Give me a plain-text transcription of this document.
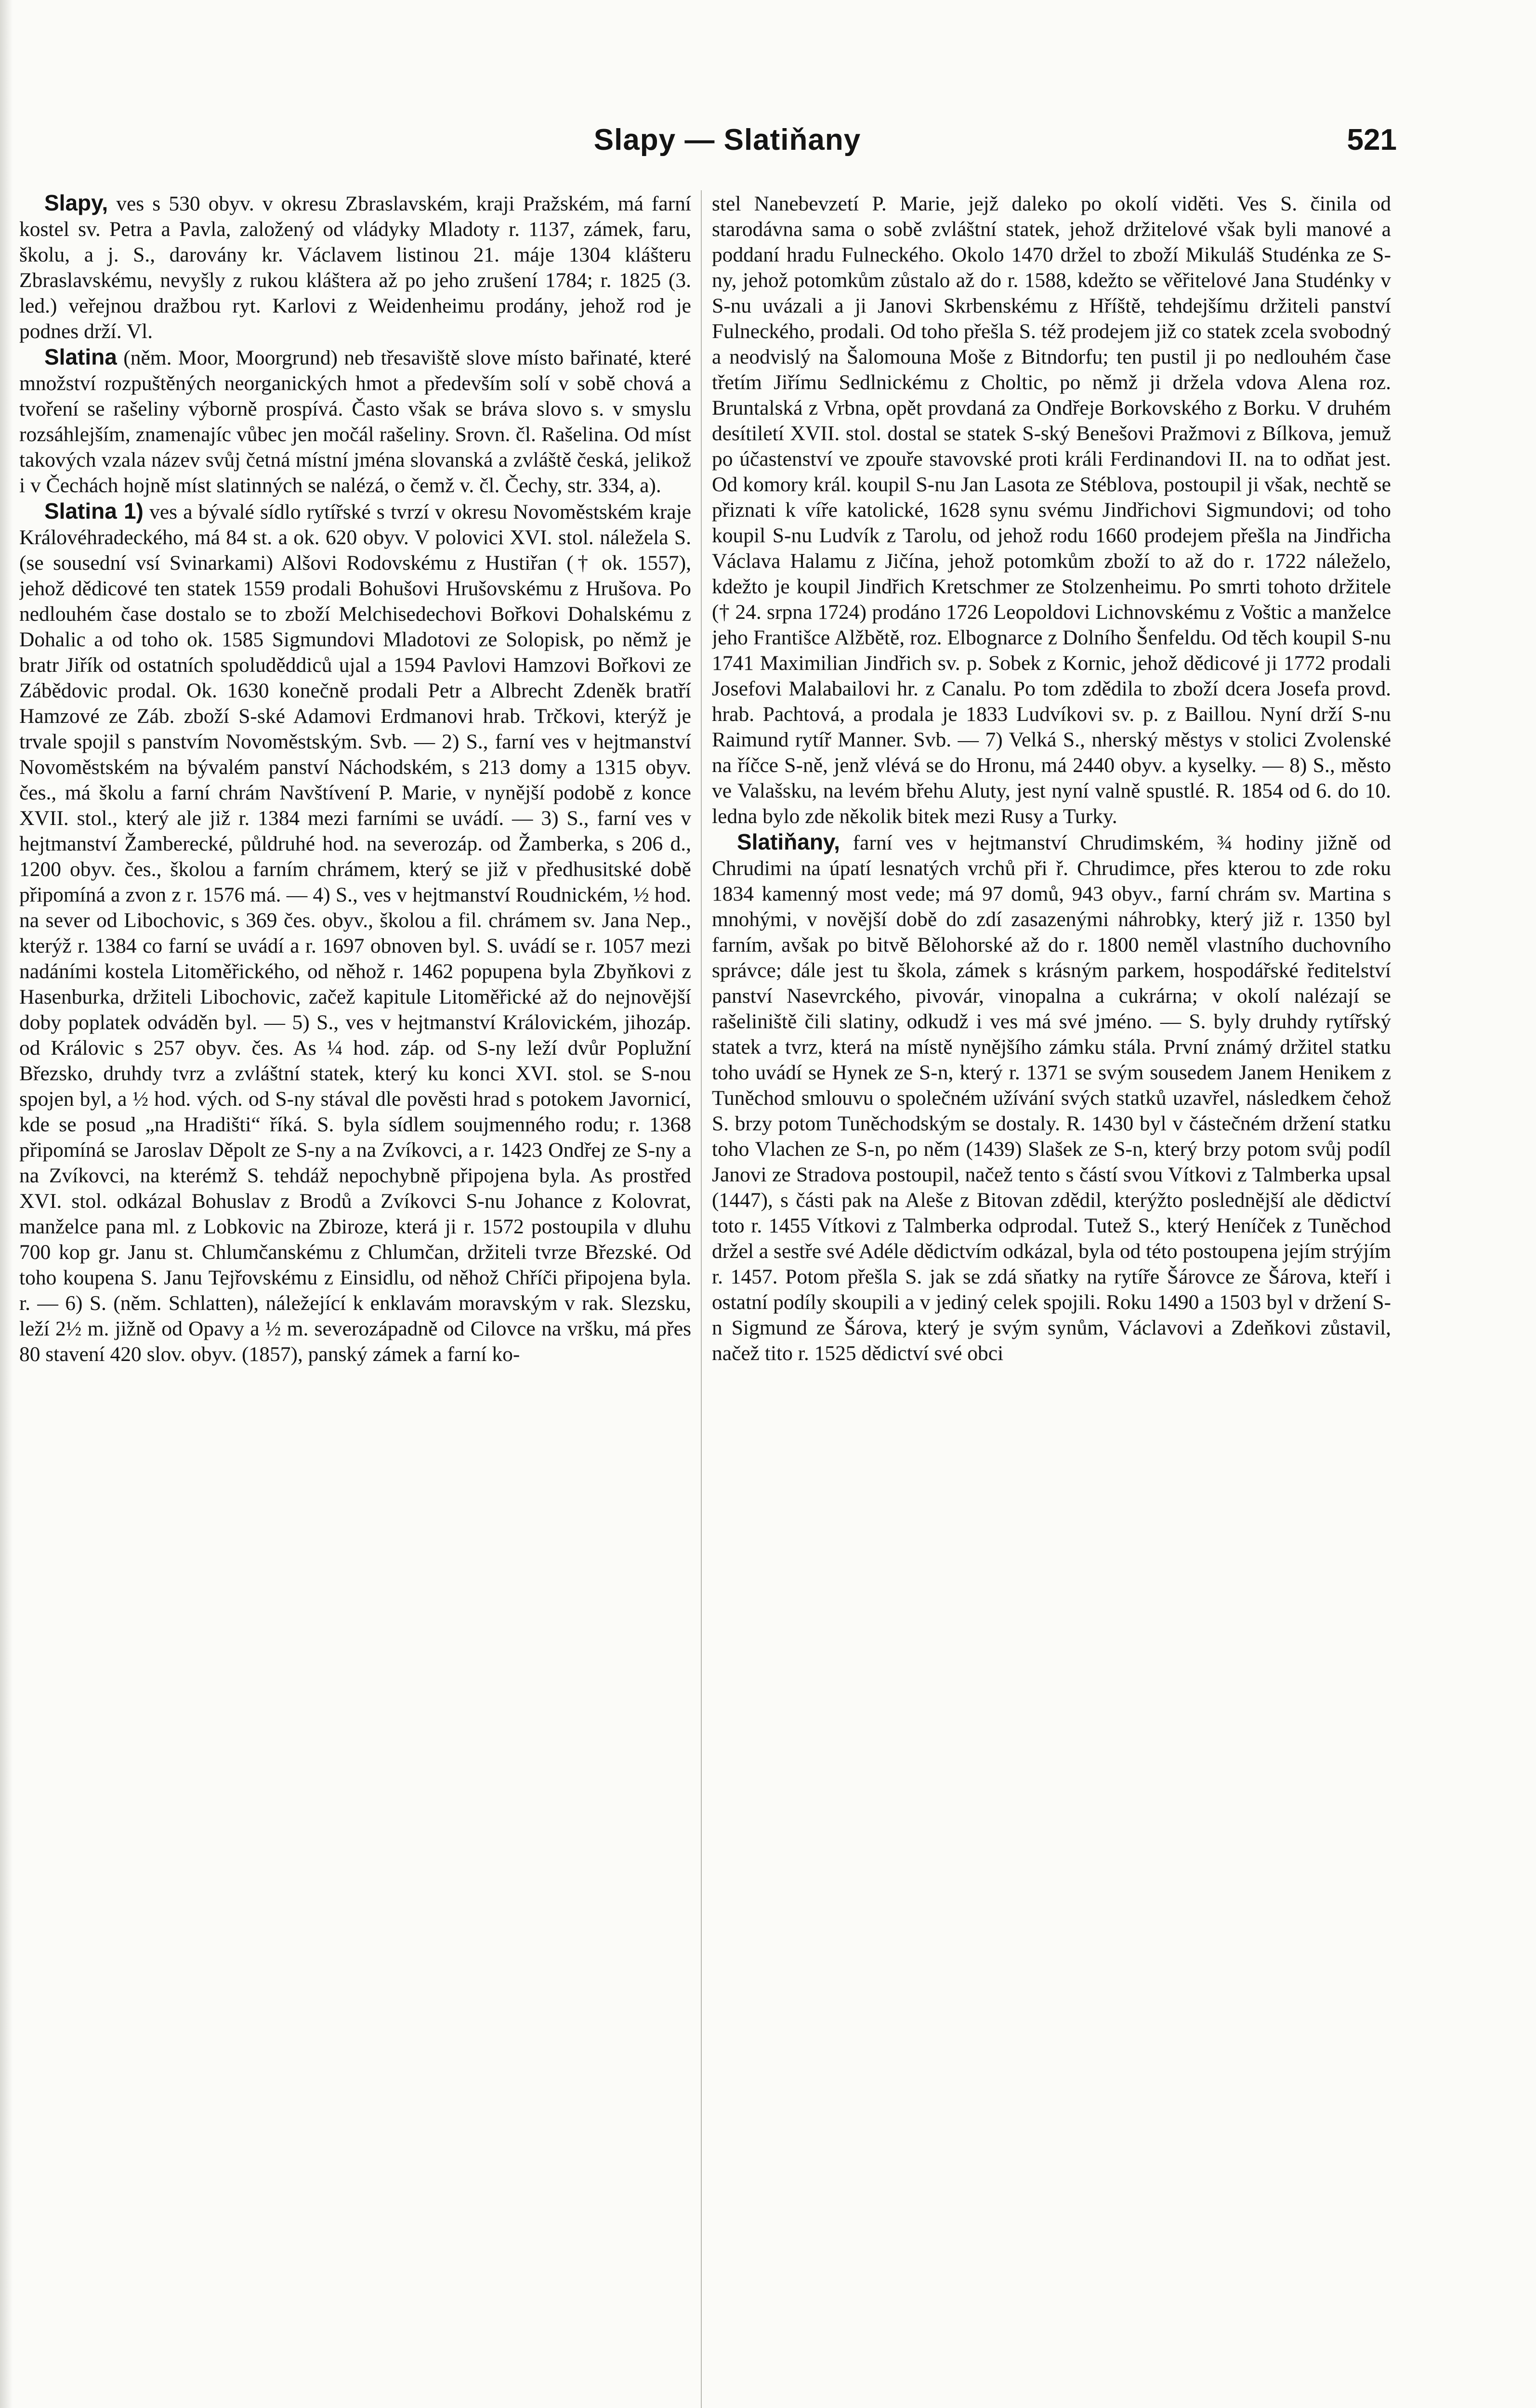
Slapy — Slatiňany	521

Slapy, ves s 530 obyv. v okresu Zbraslavském, kraji Pražském, má farní kostel sv. Petra a Pavla, založený od vládyky Mladoty r. 1137, zámek, faru, školu, a j. S., darovány kr. Václavem listinou 21. máje 1304 klášteru Zbraslavskému, nevyšly z rukou kláštera až po jeho zrušení 1784; r. 1825 (3. led.) veřejnou dražbou ryt. Karlovi z Weidenheimu prodány, jehož rod je podnes drží. Vl.

Slatina (něm. Moor, Moorgrund) neb třesaviště slove místo bařinaté, které množství rozpuštěných neorganických hmot a především solí v sobě chová a tvoření se rašeliny výborně prospívá. Často však se bráva slovo s. v smyslu rozsáhlejším, znamenajíc vůbec jen močál rašeliny. Srovn. čl. Rašelina. Od míst takových vzala název svůj četná místní jména slovanská a zvláště česká, jelikož i v Čechách hojně míst slatinných se nalézá, o čemž v. čl. Čechy, str. 334, a).

Slatina 1) ves a bývalé sídlo rytířské s tvrzí v okresu Novoměstském kraje Královéhradeckého, má 84 st. a ok. 620 obyv. V polovici XVI. stol. náležela S. (se sousední vsí Svinarkami) Alšovi Rodovskému z Hustiřan († ok. 1557), jehož dědicové ten statek 1559 prodali Bohušovi Hrušovskému z Hrušova. Po nedlouhém čase dostalo se to zboží Melchisedechovi Bořkovi Dohalskému z Dohalic a od toho ok. 1585 Sigmundovi Mladotovi ze Solopisk, po němž je bratr Jiřík od ostatních spoluděddiců ujal a 1594 Pavlovi Hamzovi Bořkovi ze Zábědovic prodal. Ok. 1630 konečně prodali Petr a Albrecht Zdeněk bratří Hamzové ze Záb. zboží S-ské Adamovi Erdmanovi hrab. Trčkovi, kterýž je trvale spojil s panstvím Novoměstským. Svb. — 2) S., farní ves v hejtmanství Novoměstském na bývalém panství Náchodském, s 213 domy a 1315 obyv. čes., má školu a farní chrám Navštívení P. Marie, v nynější podobě z konce XVII. stol., který ale již r. 1384 mezi farními se uvádí. — 3) S., farní ves v hejtmanství Žamberecké, půldruhé hod. na severozáp. od Žamberka, s 206 d., 1200 obyv. čes., školou a farním chrámem, který se již v předhusitské době připomíná a zvon z r. 1576 má. — 4) S., ves v hejtmanství Roudnickém, ½ hod. na sever od Libochovic, s 369 čes. obyv., školou a fil. chrámem sv. Jana Nep., kterýž r. 1384 co farní se uvádí a r. 1697 obnoven byl. S. uvádí se r. 1057 mezi nadáními kostela Litoměřického, od něhož r. 1462 popupena byla Zbyňkovi z Hasenburka, držiteli Libochovic, začež kapitule Litoměřické až do nejnovější doby poplatek odváděn byl. — 5) S., ves v hejtmanství Královickém, jihozáp. od Královic s 257 obyv. čes. As ¼ hod. záp. od S-ny leží dvůr Poplužní Březsko, druhdy tvrz a zvláštní statek, který ku konci XVI. stol. se S-nou spojen byl, a ½ hod. vých. od S-ny stával dle pověsti hrad s potokem Javornicí, kde se posud „na Hradišti“ říká. S. byla sídlem soujmenného rodu; r. 1368 připomíná se Jaroslav Děpolt ze S-ny a na Zvíkovci, a r. 1423 Ondřej ze S-ny a na Zvíkovci, na kterémž S. tehdáž nepochybně připojena byla. As prostřed XVI. stol. odkázal Bohuslav z Brodů a Zvíkovci S-nu Johance z Kolovrat, manželce pana ml. z Lobkovic na Zbiroze, která ji r. 1572 postoupila v dluhu 700 kop gr. Janu st. Chlumčanskému z Chlumčan, držiteli tvrze Březské. Od toho koupena S. Janu Tejřovskému z Einsidlu, od něhož Chříči připojena byla. r. — 6) S. (něm. Schlatten), náležející k enklavám moravským v rak. Slezsku, leží 2½ m. jižně od Opavy a ½ m. severozápadně od Cilovce na vršku, má přes 80 stavení 420 slov. obyv. (1857), panský zámek a farní ko-

stel Nanebevzetí P. Marie, jejž daleko po okolí viděti. Ves S. činila od starodávna sama o sobě zvláštní statek, jehož držitelové však byli manové a poddaní hradu Fulneckého. Okolo 1470 držel to zboží Mikuláš Studénka ze S-ny, jehož potomkům zůstalo až do r. 1588, kdežto se věřitelové Jana Studénky v S-nu uvázali a ji Janovi Skrbenskému z Hříště, tehdejšímu držiteli panství Fulneckého, prodali. Od toho přešla S. též prodejem již co statek zcela svobodný a neodvislý na Šalomouna Moše z Bitndorfu; ten pustil ji po nedlouhém čase třetím Jiřímu Sedlnickému z Choltic, po němž ji držela vdova Alena roz. Bruntalská z Vrbna, opět provdaná za Ondřeje Borkovského z Borku. V druhém desítiletí XVII. stol. dostal se statek S-ský Benešovi Pražmovi z Bílkova, jemuž po účastenství ve zpouře stavovské proti králi Ferdinandovi II. na to odňat jest. Od komory král. koupil S-nu Jan Lasota ze Stéblova, postoupil ji však, nechtě se přiznati k víře katolické, 1628 synu svému Jindřichovi Sigmundovi; od toho koupil S-nu Ludvík z Tarolu, od jehož rodu 1660 prodejem přešla na Jindřicha Václava Halamu z Jičína, jehož potomkům zboží to až do r. 1722 náleželo, kdežto je koupil Jindřich Kretschmer ze Stolzenheimu. Po smrti tohoto držitele († 24. srpna 1724) prodáno 1726 Leopoldovi Lichnovskému z Voštic a manželce jeho Františce Alžbětě, roz. Elbognarce z Dolního Šenfeldu. Od těch koupil S-nu 1741 Maximilian Jindřich sv. p. Sobek z Kornic, jehož dědicové ji 1772 prodali Josefovi Malabailovi hr. z Canalu. Po tom zdědila to zboží dcera Josefa provd. hrab. Pachtová, a prodala je 1833 Ludvíkovi sv. p. z Baillou. Nyní drží S-nu Raimund rytíř Manner. Svb. — 7) Velká S., nherský městys v stolici Zvolenské na říčce S-ně, jenž vlévá se do Hronu, má 2440 obyv. a kyselky. — 8) S., město ve Valašsku, na levém břehu Aluty, jest nyní valně spustlé. R. 1854 od 6. do 10. ledna bylo zde několik bitek mezi Rusy a Turky.

Slatiňany, farní ves v hejtmanství Chrudimském, ¾ hodiny jižně od Chrudimi na úpatí lesnatých vrchů při ř. Chrudimce, přes kterou to zde roku 1834 kamenný most vede; má 97 domů, 943 obyv., farní chrám sv. Martina s mnohými, v novější době do zdí zasazenými náhrobky, který již r. 1350 byl farním, avšak po bitvě Bělohorské až do r. 1800 neměl vlastního duchovního správce; dále jest tu škola, zámek s krásným parkem, hospodářské ředitelství panství Nasevrckého, pivovár, vinopalna a cukrárna; v okolí nalézají se rašeliniště čili slatiny, odkudž i ves má své jméno. — S. byly druhdy rytířský statek a tvrz, která na místě nynějšího zámku stála. První známý držitel statku toho uvádí se Hynek ze S-n, který r. 1371 se svým sousedem Janem Henikem z Tuněchod smlouvu o společném užívání svých statků uzavřel, následkem čehož S. brzy potom Tuněchodským se dostaly. R. 1430 byl v částečném držení statku toho Vlachen ze S-n, po něm (1439) Slašek ze S-n, který brzy potom svůj podíl Janovi ze Stradova postoupil, načež tento s částí svou Vítkovi z Talmberka upsal (1447), s části pak na Aleše z Bitovan zdědil, kterýžto poslednější ale dědictví toto r. 1455 Vítkovi z Talmberka odprodal. Tutež S., který Heníček z Tuněchod držel a sestře své Adéle dědictvím odkázal, byla od této postoupena jejím strýjím r. 1457. Potom přešla S. jak se zdá sňatky na rytíře Šárovce ze Šárova, kteří i ostatní podíly skoupili a v jediný celek spojili. Roku 1490 a 1503 byl v držení S-n Sigmund ze Šárova, který je svým synům, Václavovi a Zdeňkovi zůstavil, načež tito r. 1525 dědictví své obci
